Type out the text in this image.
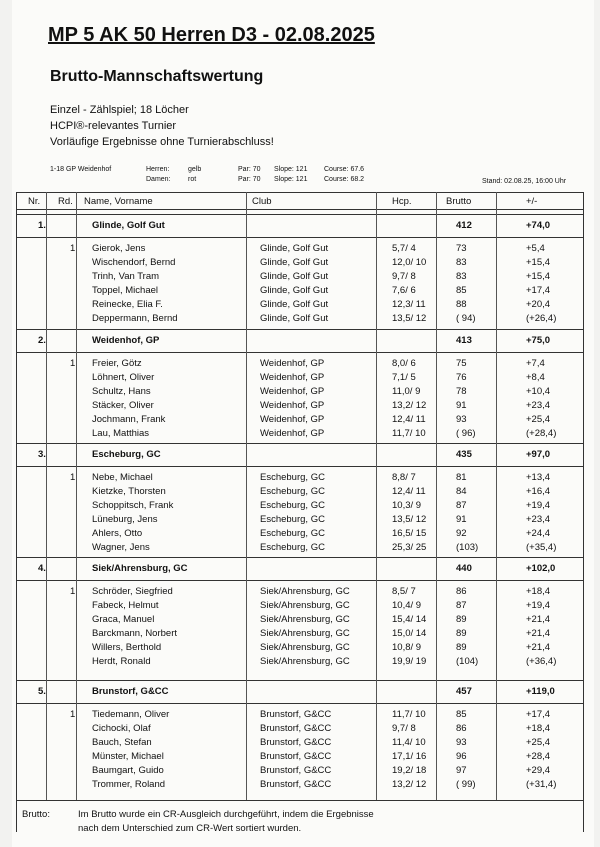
MP 5 AK 50 Herren D3 - 02.08.2025
Brutto-Mannschaftswertung
Einzel - Zählspiel; 18 Löcher
HCPI®-relevantes Turnier
Vorläufige Ergebnisse ohne Turnierabschluss!
1-18 GP Weidenhof	Herren:	gelb
Damen: rot
Par: 70 Slope: 121 Course: 67.6
Par: 70 Slope: 121 Course: 68.2	Stand: 02.08.25, 16:00 Uhr
Nr. Rd. Name, Vorname	Club	Hcp.	Brutto	+/-
1.	Glinde, Golf Gut	412	+74,0
1 Gierok, Jens	Glinde, Golf Gut	5,7/ 4	73	+5,4
Wischendorf, Bernd	Glinde, Golf Gut	12,0/ 10	83	+15,4
Trinh, Van Tram	Glinde, Golf Gut	9,7/ 8	83	+15,4
Toppel, Michael	Glinde, Golf Gut	7,6/ 6	85	+17,4
Reinecke, Elia F.	Glinde, Golf Gut	12,3/ 11	88	+20,4
Deppermann, Bernd	Glinde, Golf Gut	13,5/ 12	( 94)	(+26,4)
2.	Weidenhof, GP	413	+75,0
1 Freier, Götz	Weidenhof, GP	8,0/ 6	75	+7,4
Löhnert, Oliver	Weidenhof, GP	7,1/ 5	76	+8,4
Schultz, Hans	Weidenhof, GP	11,0/ 9	78	+10,4
Stäcker, Oliver	Weidenhof, GP	13,2/ 12	91	+23,4
Jochmann, Frank	Weidenhof, GP	12,4/ 11	93	+25,4
Lau, Matthias	Weidenhof, GP	11,7/ 10	( 96)	(+28,4)
3.	Escheburg, GC	435	+97,0
1 Nebe, Michael	Escheburg, GC	8,8/ 7	81	+13,4
Kietzke, Thorsten	Escheburg, GC	12,4/ 11	84	+16,4
Schoppitsch, Frank	Escheburg, GC	10,3/ 9	87	+19,4
Lüneburg, Jens	Escheburg, GC	13,5/ 12	91	+23,4
Ahlers, Otto	Escheburg, GC	16,5/ 15	92	+24,4
Wagner, Jens	Escheburg, GC	25,3/ 25	(103)	(+35,4)
4.	Siek/Ahrensburg, GC	440	+102,0
1 Schröder, Siegfried	Siek/Ahrensburg, GC	8,5/ 7	86	+18,4
Fabeck, Helmut	Siek/Ahrensburg, GC	10,4/ 9	87	+19,4
Graca, Manuel	Siek/Ahrensburg, GC	15,4/ 14	89	+21,4
Barckmann, Norbert	Siek/Ahrensburg, GC	15,0/ 14	89	+21,4
Willers, Berthold	Siek/Ahrensburg, GC	10,8/ 9	89	+21,4
Herdt, Ronald	Siek/Ahrensburg, GC	19,9/ 19	(104)	(+36,4)
5.	Brunstorf, G&CC	457	+119,0
1 Tiedemann, Oliver	Brunstorf, G&CC	11,7/ 10	85	+17,4
Cichocki, Olaf	Brunstorf, G&CC	9,7/ 8	86	+18,4
Bauch, Stefan	Brunstorf, G&CC	11,4/ 10	93	+25,4
Münster, Michael	Brunstorf, G&CC	17,1/ 16	96	+28,4
Baumgart, Guido	Brunstorf, G&CC	19,2/ 18	97	+29,4
Trommer, Roland	Brunstorf, G&CC	13,2/ 12	( 99)	(+31,4)
Brutto:	Im Brutto wurde ein CR-Ausgleich durchgeführt, indem die Ergebnisse
nach dem Unterschied zum CR-Wert sortiert wurden.
